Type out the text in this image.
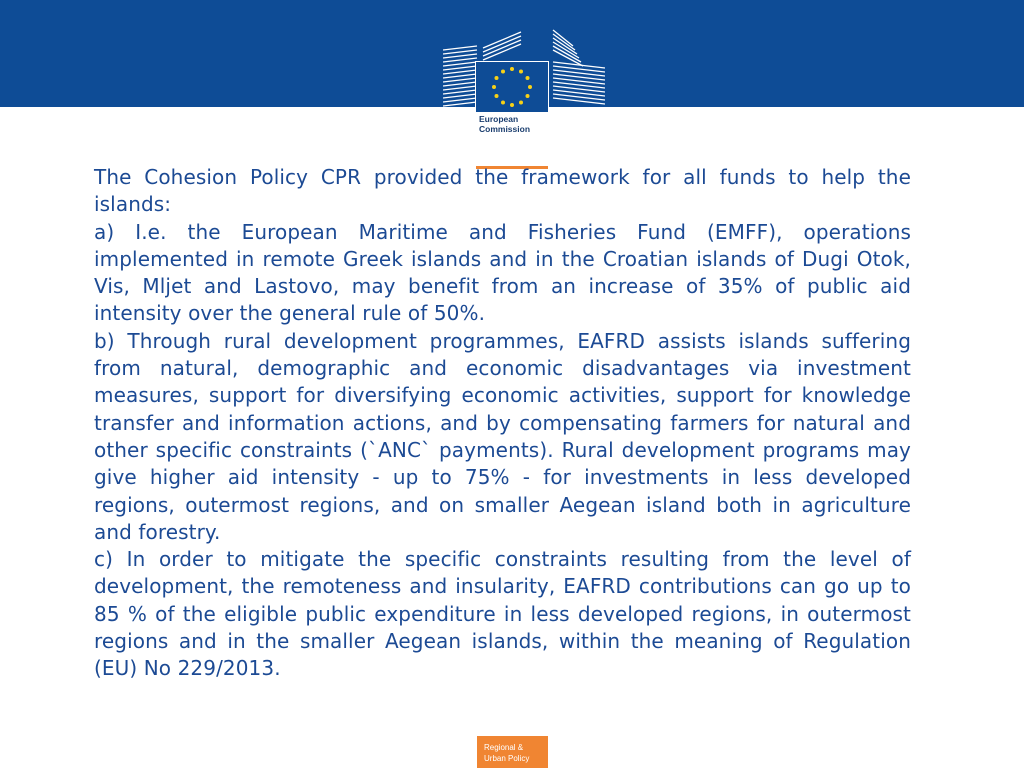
European
Commission

The Cohesion Policy CPR provided the framework for all funds to help the islands:

a) I.e. the European Maritime and Fisheries Fund (EMFF), operations implemented in remote Greek islands and in the Croatian islands of Dugi Otok, Vis, Mljet and Lastovo, may benefit from an increase of 35% of public aid intensity over the general rule of 50%.

b) Through rural development programmes, EAFRD assists islands suffering from natural, demographic and economic disadvantages via investment measures, support for diversifying economic activities, support for knowledge transfer and information actions, and by compensating farmers for natural and other specific constraints (`ANC` payments). Rural development programs may give higher aid intensity - up to 75% - for investments in less developed regions, outermost regions, and on smaller Aegean island both in agriculture and forestry.

c) In order to mitigate the specific constraints resulting from the level of development, the remoteness and insularity, EAFRD contributions can go up to 85 % of the eligible public expenditure in less developed regions, in outermost regions and in the smaller Aegean islands, within the meaning of Regulation (EU) No 229/2013.

Regional &
Urban Policy
